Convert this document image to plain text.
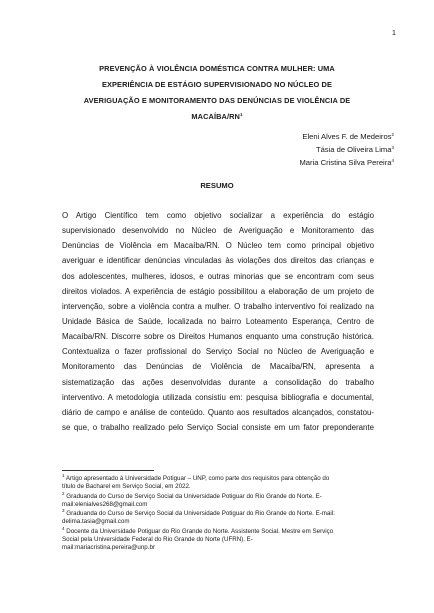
1
PREVENÇÃO À VIOLÊNCIA DOMÉSTICA CONTRA MULHER: UMA
EXPERIÊNCIA DE ESTÁGIO SUPERVISIONADO NO NÚCLEO DE
AVERIGUAÇÃO E MONITORAMENTO DAS DENÚNCIAS DE VIOLÊNCIA DE
MACAÍBA/$RN^1$
Eleni Alves F. de Medeiros$^2$
Tásia de Oliveira Lima$^3$
Maria Cristina Silva Pereira$^4$
RESUMO
O Artigo Científico tem como objetivo socializar a experiência do estágio
supervisionado desenvolvido no Núcleo de Averiguação e Monitoramento das
Denúncias de Violência em Macaíba/RN. O Núcleo tem como principal objetivo
averiguar e identificar denúncias vinculadas às violações dos direitos das crianças e
dos adolescentes, mulheres, idosos, e outras minorias que se encontram com seus
direitos violados. A experiência de estágio possibilitou a elaboração de um projeto de
intervenção, sobre a violência contra a mulher. O trabalho interventivo foi realizado na
Unidade Básica de Saúde, localizada no bairro Loteamento Esperança, Centro de
Macaíba/RN. Discorre sobre os Direitos Humanos enquanto uma construção histórica.
Contextualiza o fazer profissional do Serviço Social no Núcleo de Averiguação e
Monitoramento das Denúncias de Violência de Macaíba/RN, apresenta a
sistematização das ações desenvolvidas durante a consolidação do trabalho
interventivo. A metodologia utilizada consistiu em: pesquisa bibliografia e documental,
diário de campo e análise de conteúdo. Quanto aos resultados alcançados, constatou-
se que, o trabalho realizado pelo Serviço Social consiste em um fator preponderante
$^1$ Artigo apresentado à Universidade Potiguar – UNP, como parte dos requisitos para obtenção do
título de Bacharel em Serviço Social, em 2022.
$^2$ Graduanda do Curso de Serviço Social da Universidade Potiguar do Rio Grande do Norte. E-
mail:elenialves268@gmail.com
$^3$ Graduanda do Curso de Serviço Social da Universidade Potiguar do Rio Grande do Norte. E-mail:
delima.tasia@gmail.com
$^4$ Docente da Universidade Potiguar do Rio Grande do Norte. Assistente Social. Mestre em Serviço
Social pela Universidade Federal do Rio Grande do Norte (UFRN). E-
mail:mariacristina.pereira@unp.br
